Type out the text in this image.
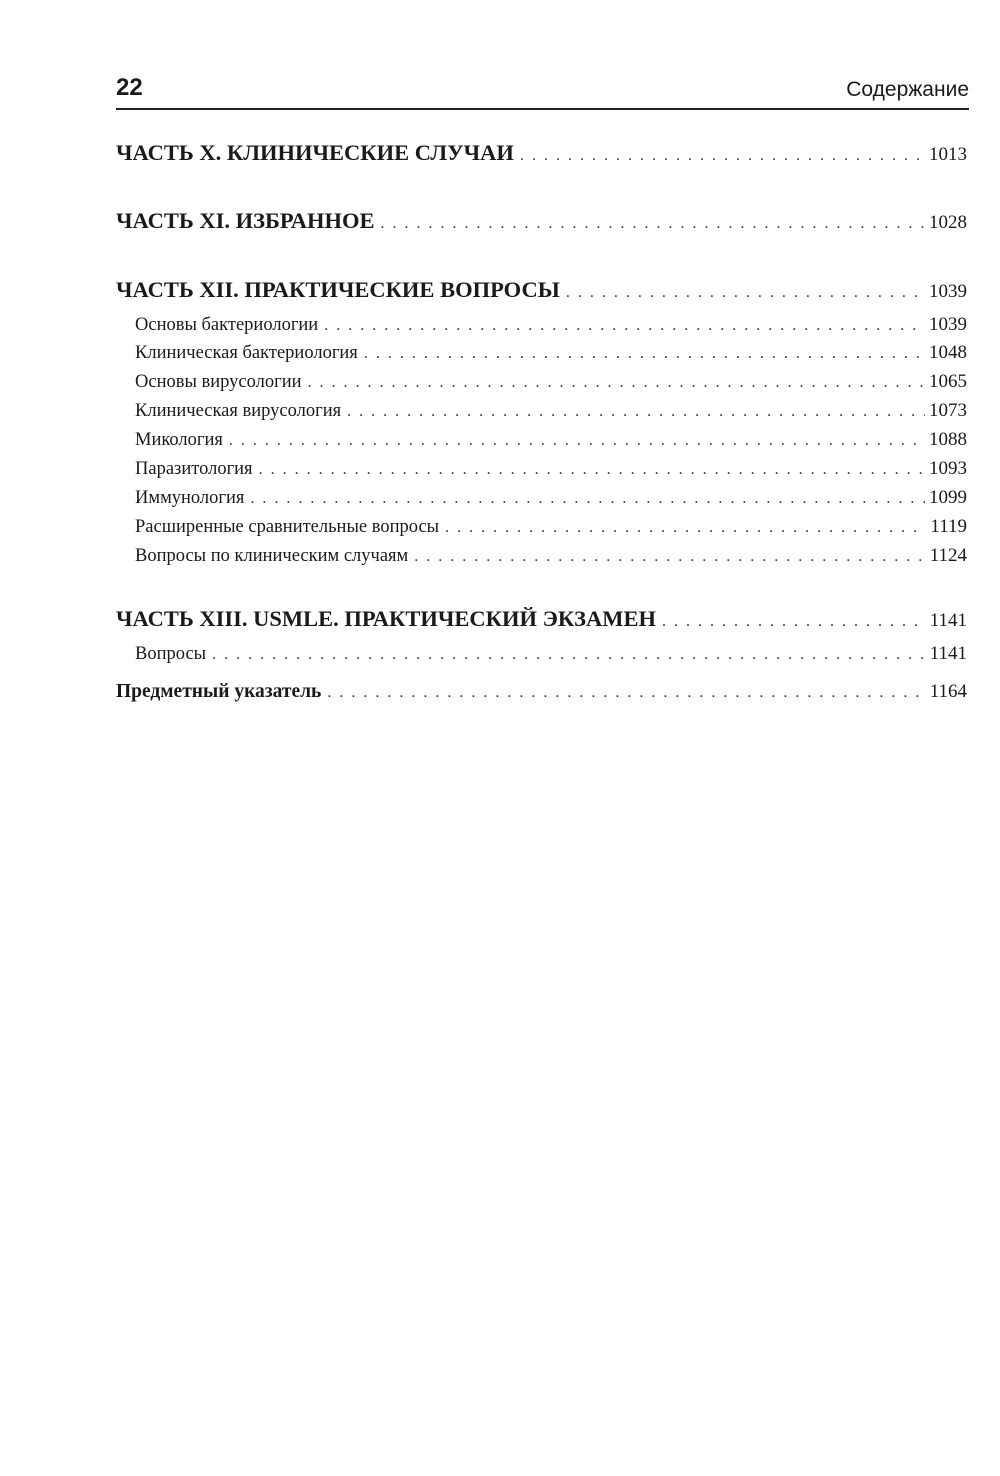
22	Содержание
ЧАСТЬ X. КЛИНИЧЕСКИЕ СЛУЧАИ . . .	1013
ЧАСТЬ XI. ИЗБРАННОЕ . . .	1028
ЧАСТЬ XII. ПРАКТИЧЕСКИЕ ВОПРОСЫ . . .	1039
Основы бактериологии . . .	1039
Клиническая бактериология . . .	1048
Основы вирусологии . . .	1065
Клиническая вирусология . . .	1073
Микология . . .	1088
Паразитология . . .	1093
Иммунология . . .	1099
Расширенные сравнительные вопросы . . .	1119
Вопросы по клиническим случаям . . .	1124
ЧАСТЬ XIII. USMLE. ПРАКТИЧЕСКИЙ ЭКЗАМЕН . . .	1141
Вопросы . . .	1141
Предметный указатель . . .	1164
